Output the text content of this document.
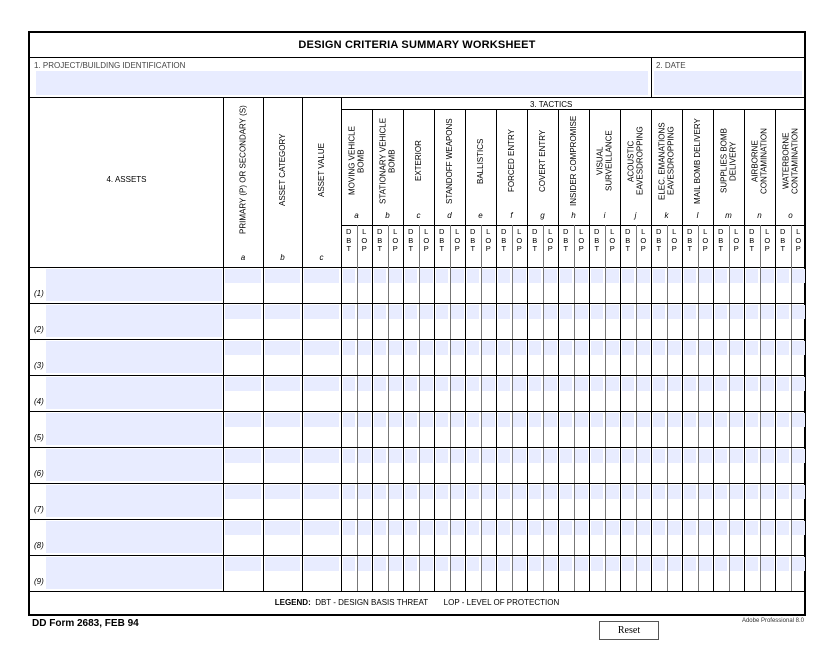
DESIGN CRITERIA SUMMARY WORKSHEET
1. PROJECT/BUILDING IDENTIFICATION	2. DATE
4. ASSETS
3. TACTICS
PRIMARY (P) OR SECONDARY (S)
a
ASSET CATEGORY
b
ASSET VALUE
c
MOVING VEHICLE
BOMB
a
D
B
T
L
O
P
STATIONARY VEHICLE
BOMB
b
D
B
T
L
O
P
EXTERIOR
c
D
B
T
L
O
P
STANDOFF WEAPONS
d
D
B
T
L
O
P
BALLISTICS
e
D
B
T
L
O
P
FORCED ENTRY
f
D
B
T
L
O
P
COVERT ENTRY
g
D
B
T
L
O
P
INSIDER COMPROMISE
h
D
B
T
L
O
P
VISUAL
SURVEILLANCE
i
D
B
T
L
O
P
ACOUSTIC
EAVESDROPPING
j
D
B
T
L
O
P
ELEC. EMANATIONS
EAVESDROPPING
k
D
B
T
L
O
P
MAIL BOMB DELIVERY
l
D
B
T
L
O
P
SUPPLIES BOMB
DELIVERY
m
D
B
T
L
O
P
AIRBORNE
CONTAMINATION
n
D
B
T
L
O
P
WATERBORNE
CONTAMINATION
o
D
B
T
L
O
P
(1)
(2)
(3)
(4)
(5)
(6)
(7)
(8)
(9)
LEGEND: DBT - DESIGN BASIS THREAT LOP - LEVEL OF PROTECTION
DD Form 2683, FEB 94
Reset
Adobe Professional 8.0
